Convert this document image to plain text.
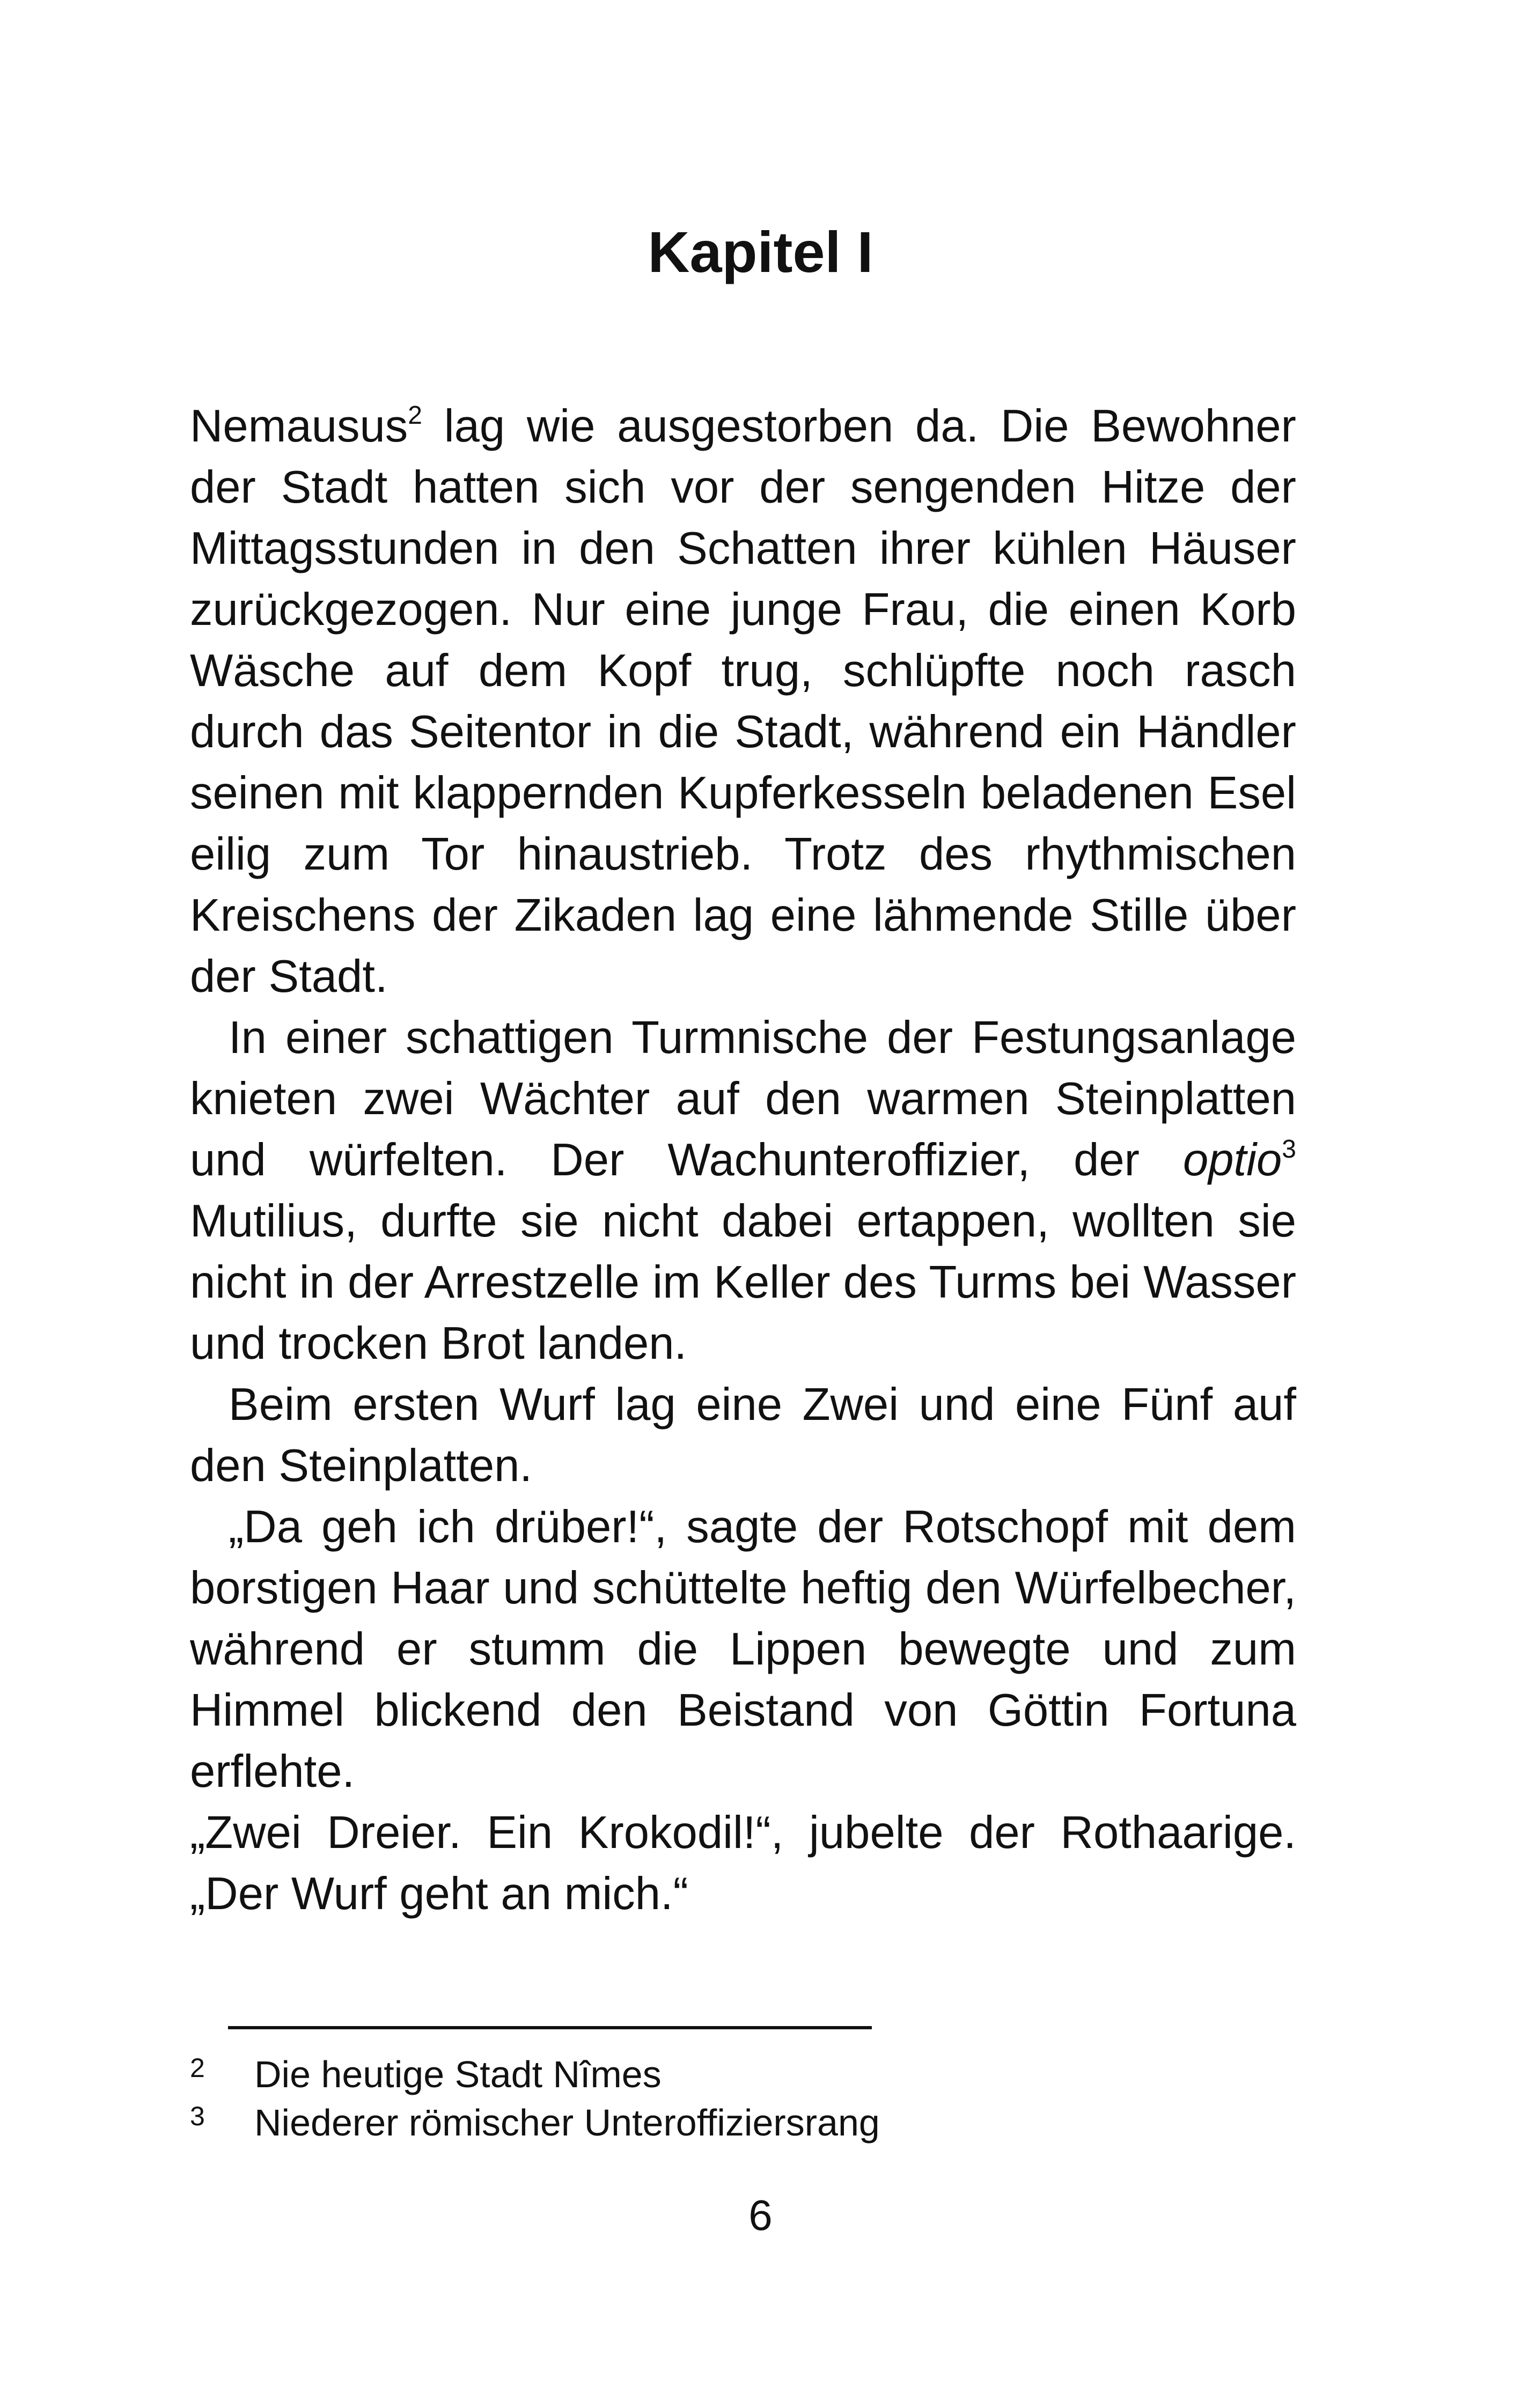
Kapitel I

Nemausus$^2$ lag wie ausgestorben da. Die Bewohner der Stadt hatten sich vor der sengenden Hitze der Mittagsstunden in den Schatten ihrer kühlen Häuser zurückgezogen. Nur eine junge Frau, die einen Korb Wäsche auf dem Kopf trug, schlüpfte noch rasch durch das Seitentor in die Stadt, während ein Händler seinen mit klappernden Kupferkesseln beladenen Esel eilig zum Tor hinaustrieb. Trotz des rhythmischen Kreischens der Zikaden lag eine lähmende Stille über der Stadt.

In einer schattigen Turmnische der Festungsanlage knieten zwei Wächter auf den warmen Steinplatten und würfelten. Der Wachunteroffizier, der optio$^3$ Mutilius, durfte sie nicht dabei ertappen, wollten sie nicht in der Arrestzelle im Keller des Turms bei Wasser und trocken Brot landen.

Beim ersten Wurf lag eine Zwei und eine Fünf auf den Steinplatten.

„Da geh ich drüber!“, sagte der Rotschopf mit dem borstigen Haar und schüttelte heftig den Würfelbecher, während er stumm die Lippen bewegte und zum Himmel blickend den Beistand von Göttin Fortuna erflehte.

„Zwei Dreier. Ein Krokodil!“, jubelte der Rothaarige. „Der Wurf geht an mich.“

2 Die heutige Stadt Nîmes
3 Niederer römischer Unteroffiziersrang
6
